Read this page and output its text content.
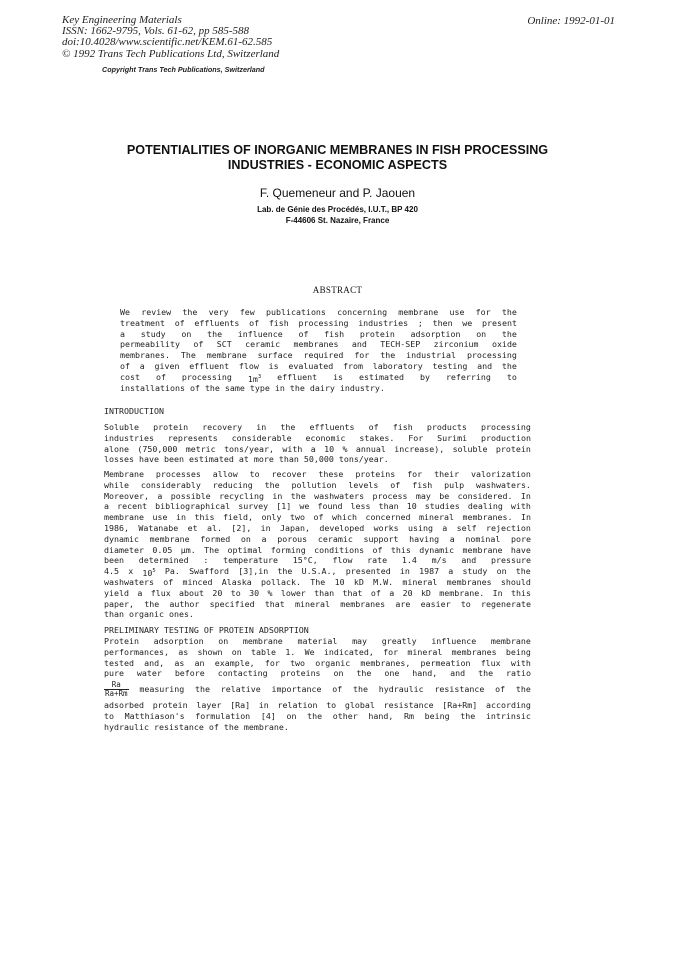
Key Engineering Materials
ISSN: 1662-9795, Vols. 61-62, pp 585-588
doi:10.4028/www.scientific.net/KEM.61-62.585
© 1992 Trans Tech Publications Ltd, Switzerland
Copyright Trans Tech Publications, Switzerland
Online: 1992-01-01
POTENTIALITIES OF INORGANIC MEMBRANES IN FISH PROCESSING
INDUSTRIES - ECONOMIC ASPECTS
F. Quemeneur and P. Jaouen
Lab. de Génie des Procédés, I.U.T., BP 420
F-44606 St. Nazaire, France
ABSTRACT
We review the very few publications concerning membrane use for the
treatment of effluents of fish processing industries ; then we present
a study on the influence of fish protein adsorption on the
permeability of SCT ceramic membranes and TECH-SEP zirconium oxide
membranes. The membrane surface required for the industrial processing
of a given effluent flow is evaluated from laboratory testing and the
cost of processing 1m3 effluent is estimated by referring to
installations of the same type in the dairy industry.
INTRODUCTION
Soluble protein recovery in the effluents of fish products processing
industries represents considerable economic stakes. For Surimi production
alone (750,000 metric tons/year, with a 10 % annual increase), soluble protein
losses have been estimated at more than 50,000 tons/year.
Membrane processes allow to recover these proteins for their valorization
while considerably reducing the pollution levels of fish pulp washwaters.
Moreover, a possible recycling in the washwaters process may be considered. In
a recent bibliographical survey [1] we found less than 10 studies dealing with
membrane use in this field, only two of which concerned mineral membranes. In
1986, Watanabe et al. [2], in Japan, developed works using a self rejection
dynamic membrane formed on a porous ceramic support having a nominal pore
diameter 0.05 µm. The optimal forming conditions of this dynamic membrane have
been determined : temperature 15°C, flow rate 1.4 m/s and pressure
4.5 x 105 Pa. Swafford [3],in the U.S.A., presented in 1987 a study on the
washwaters of minced Alaska pollack. The 10 kD M.W. mineral membranes should
yield a flux about 20 to 30 % lower than that of a 20 kD membrane. In this
paper, the author specified that mineral membranes are easier to regenerate
than organic ones.
PRELIMINARY TESTING OF PROTEIN ADSORPTION
Protein adsorption on membrane material may greatly influence membrane
performances, as shown on table 1. We indicated, for mineral membranes being
tested and, as an example, for two organic membranes, permeation flux with
pure water before contacting proteins on the one hand, and the ratio
$\frac{Ra}{Ra+Rm}$ measuring the relative importance of the hydraulic resistance of the
adsorbed protein layer [Ra] in relation to global resistance [Ra+Rm] according
to Matthiason's formulation [4] on the other hand, Rm being the intrinsic
hydraulic resistance of the membrane.
